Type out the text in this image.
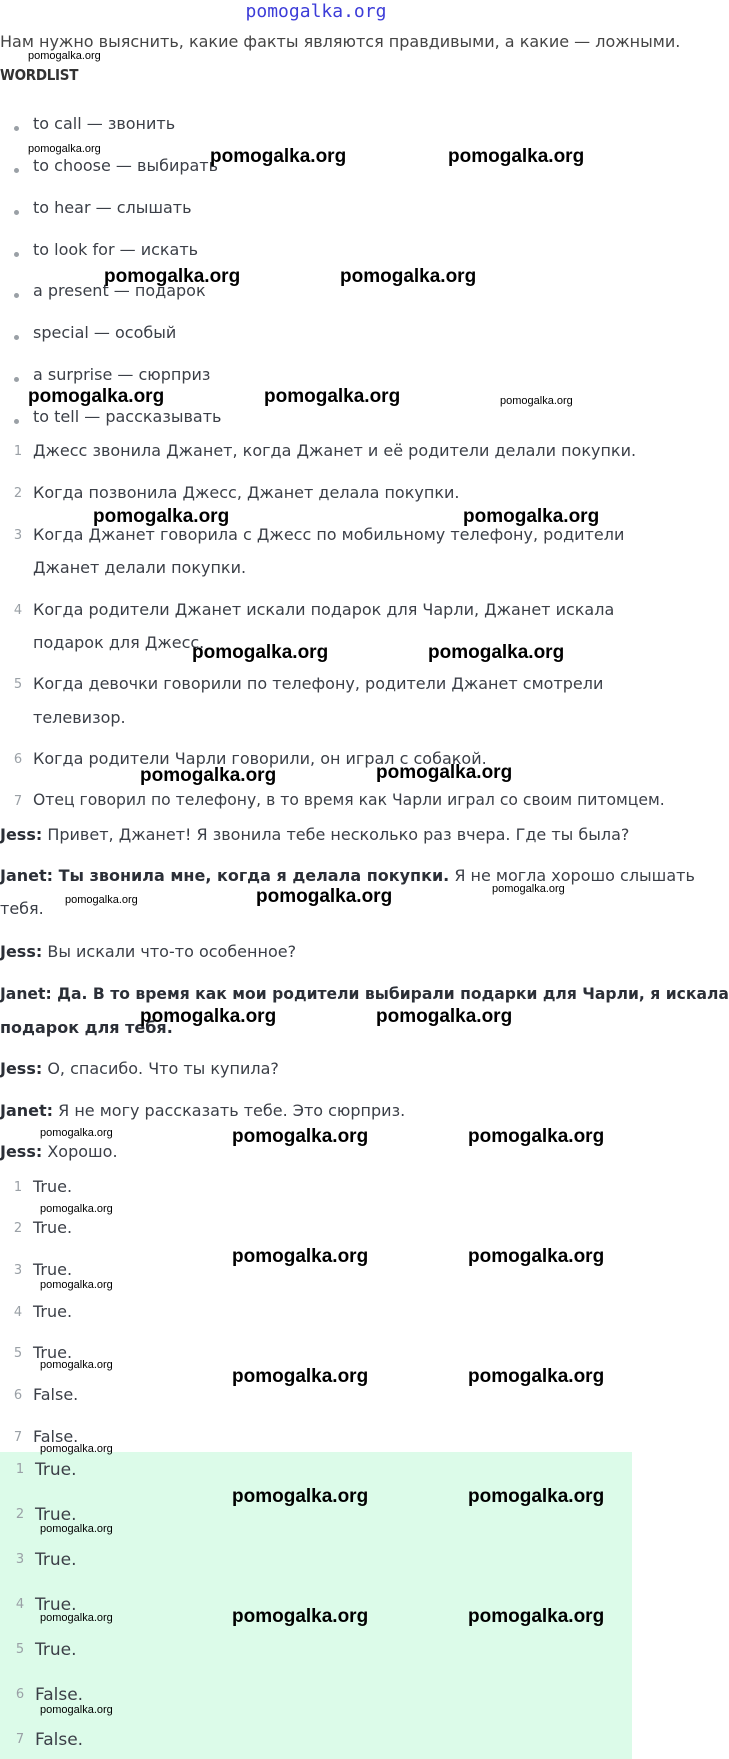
pomogalka.org
Нам нужно выяснить, какие факты являются правдивыми, а какие — ложными.
WORDLIST
to call — звонить
to choose — выбирать
to hear — слышать
to look for — искать
a present — подарок
special — особый
a surprise — сюрприз
to tell — рассказывать
1 Джесс звонила Джанет, когда Джанет и её родители делали покупки.
2 Когда позвонила Джесс, Джанет делала покупки.
3 Когда Джанет говорила с Джесс по мобильному телефону, родители
Джанет делали покупки.
4 Когда родители Джанет искали подарок для Чарли, Джанет искала
подарок для Джесс.
5 Когда девочки говорили по телефону, родители Джанет смотрели
телевизор.
6 Когда родители Чарли говорили, он играл с собакой.
7 Отец говорил по телефону, в то время как Чарли играл со своим питомцем.
Jess: Привет, Джанет! Я звонила тебе несколько раз вчера. Где ты была?
Janet: Ты звонила мне, когда я делала покупки. Я не могла хорошо слышать
тебя.
Jess: Вы искали что-то особенное?
Janet: Да. В то время как мои родители выбирали подарки для Чарли, я искала
подарок для тебя.
Jess: О, спасибо. Что ты купила?
Janet: Я не могу рассказать тебе. Это сюрприз.
Jess: Хорошо.
1 True.
2 True.
3 True.
4 True.
5 True.
6 False.
7 False.
1 True.
2 True.
3 True.
4 True.
5 True.
6 False.
7 False.
pomogalka.org
pomogalka.org	pomogalka.org	pomogalka.org
pomogalka.org	pomogalka.org
pomogalka.org	pomogalka.org	pomogalka.org
pomogalka.org	pomogalka.org
pomogalka.org	pomogalka.org
pomogalka.org	pomogalka.org
pomogalka.org	pomogalka.org	pomogalka.org
pomogalka.org	pomogalka.org
pomogalka.org	pomogalka.org	pomogalka.org
pomogalka.org
pomogalka.org	pomogalka.org
pomogalka.org
pomogalka.org	pomogalka.org
pomogalka.org
pomogalka.org
pomogalka.org	pomogalka.org
pomogalka.org
pomogalka.org	pomogalka.org
pomogalka.org
pomogalka.org
